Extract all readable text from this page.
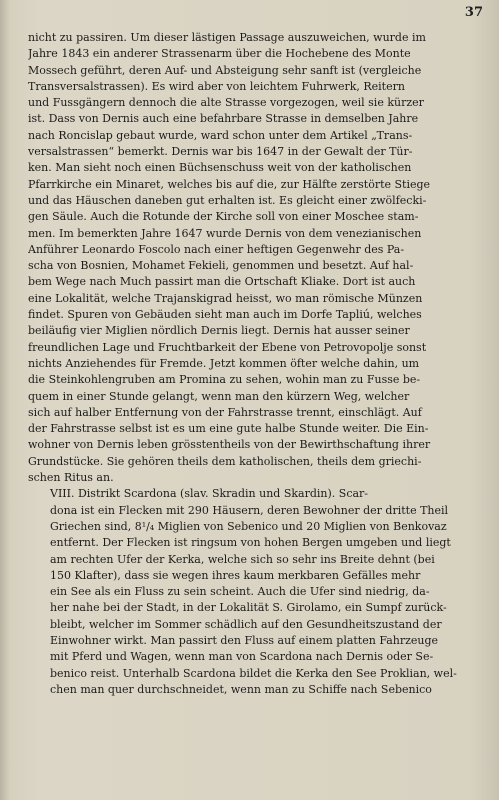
37

nicht zu passiren. Um dieser lästigen Passage auszuweichen, wurde im
Jahre 1843 ein anderer Strassenarm über die Hochebene des Monte
Mossech geführt, deren Auf- und Absteigung sehr sanft ist (vergleiche
Transversalstrassen). Es wird aber von leichtem Fuhrwerk, Reitern
und Fussgängern dennoch die alte Strasse vorgezogen, weil sie kürzer
ist. Dass von Dernis auch eine befahrbare Strasse in demselben Jahre
nach Roncislap gebaut wurde, ward schon unter dem Artikel „Trans-
versalstrassen“ bemerkt. Dernis war bis 1647 in der Gewalt der Tür-
ken. Man sieht noch einen Büchsenschuss weit von der katholischen
Pfarrkirche ein Minaret, welches bis auf die, zur Hälfte zerstörte Stiege
und das Häuschen daneben gut erhalten ist. Es gleicht einer zwölfecki-
gen Säule. Auch die Rotunde der Kirche soll von einer Moschee stam-
men. Im bemerkten Jahre 1647 wurde Dernis von dem venezianischen
Anführer Leonardo Foscolo nach einer heftigen Gegenwehr des Pa-
scha von Bosnien, Mohamet Fekieli, genommen und besetzt. Auf hal-
bem Wege nach Much passirt man die Ortschaft Kliake. Dort ist auch
eine Lokalität, welche Trajanskigrad heisst, wo man römische Münzen
findet. Spuren von Gebäuden sieht man auch im Dorfe Tapliú, welches
beiläufig vier Miglien nördlich Dernis liegt. Dernis hat ausser seiner
freundlichen Lage und Fruchtbarkeit der Ebene von Petrovopolje sonst
nichts Anziehendes für Fremde. Jetzt kommen öfter welche dahin, um
die Steinkohlengruben am Promina zu sehen, wohin man zu Fusse be-
quem in einer Stunde gelangt, wenn man den kürzern Weg, welcher
sich auf halber Entfernung von der Fahrstrasse trennt, einschlägt. Auf
der Fahrstrasse selbst ist es um eine gute halbe Stunde weiter. Die Ein-
wohner von Dernis leben grösstentheils von der Bewirthschaftung ihrer
Grundstücke. Sie gehören theils dem katholischen, theils dem griechi-
schen Ritus an.

VIII. Distrikt Scardona (slav. Skradin und Skardin). Scar-
dona ist ein Flecken mit 290 Häusern, deren Bewohner der dritte Theil
Griechen sind, 8¹/₄ Miglien von Sebenico und 20 Miglien von Benkovaz
entfernt. Der Flecken ist ringsum von hohen Bergen umgeben und liegt
am rechten Ufer der Kerka, welche sich so sehr ins Breite dehnt (bei
150 Klafter), dass sie wegen ihres kaum merkbaren Gefälles mehr
ein See als ein Fluss zu sein scheint. Auch die Ufer sind niedrig, da-
her nahe bei der Stadt, in der Lokalität S. Girolamo, ein Sumpf zurück-
bleibt, welcher im Sommer schädlich auf den Gesundheitszustand der
Einwohner wirkt. Man passirt den Fluss auf einem platten Fahrzeuge
mit Pferd und Wagen, wenn man von Scardona nach Dernis oder Se-
benico reist. Unterhalb Scardona bildet die Kerka den See Proklian, wel-
chen man quer durchschneidet, wenn man zu Schiffe nach Sebenico
